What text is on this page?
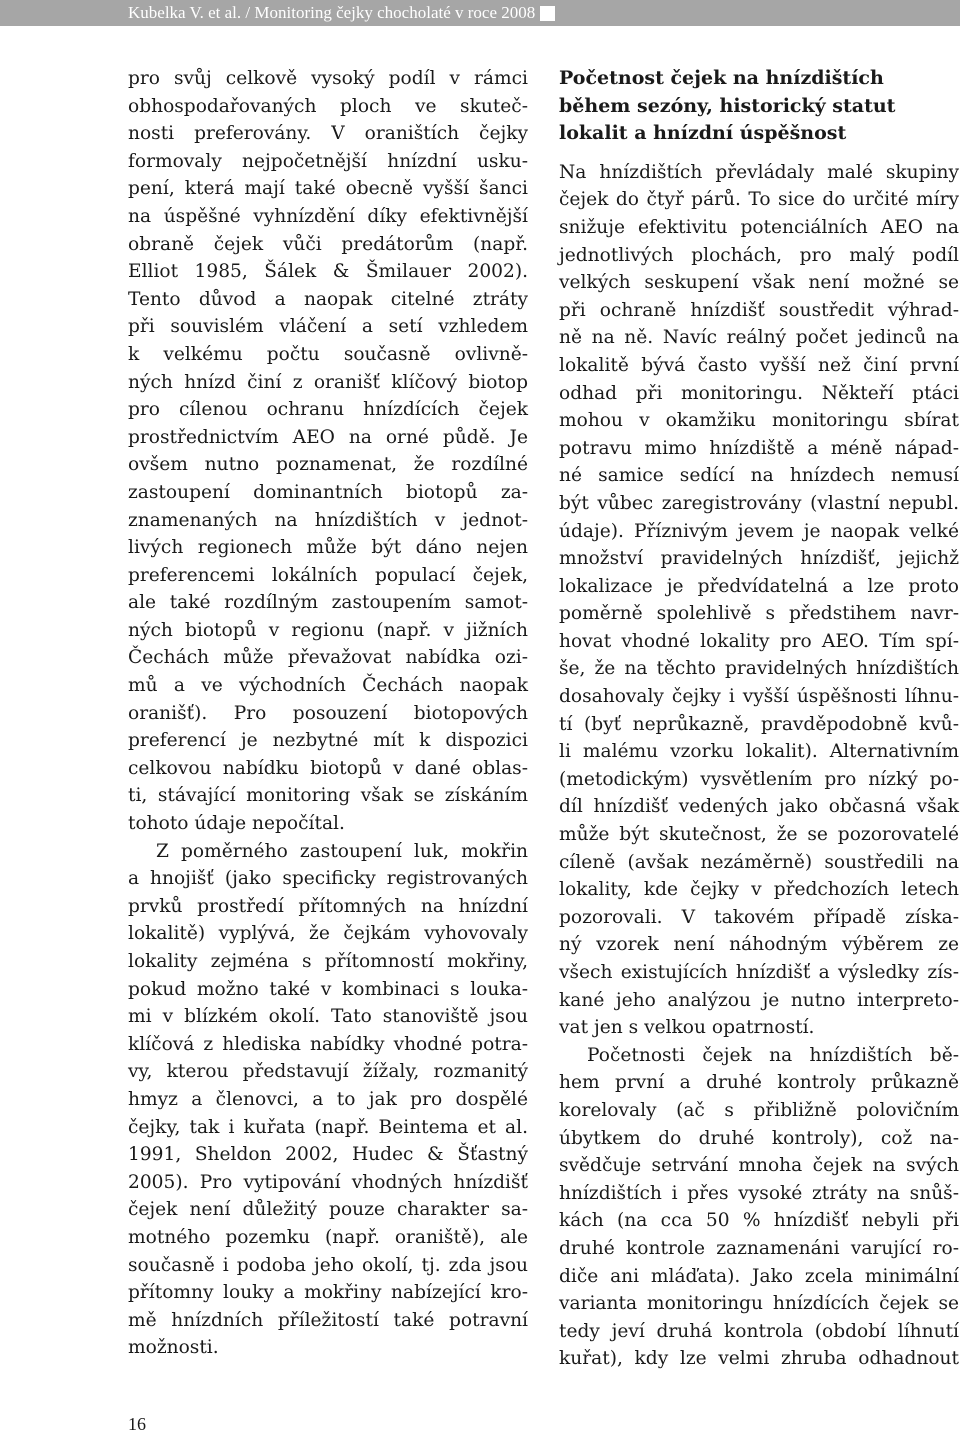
Kubelka V. et al. / Monitoring čejky chocholaté v roce 2008
pro svůj celkově vysoký podíl v rámci
obhospodařovaných ploch ve skuteč-
nosti preferovány. V oraništích čejky
formovaly nejpočetnější hnízdní usku-
pení, která mají také obecně vyšší šanci
na úspěšné vyhnízdění díky efektivnější
obraně čejek vůči predátorům (např.
Elliot 1985, Šálek & Šmilauer 2002).
Tento důvod a naopak citelné ztráty
při souvislém vláčení a setí vzhledem
k velkému počtu současně ovlivně-
ných hnízd činí z oranišť klíčový biotop
pro cílenou ochranu hnízdících čejek
prostřednictvím AEO na orné půdě. Je
ovšem nutno poznamenat, že rozdílné
zastoupení dominantních biotopů za-
znamenaných na hnízdištích v jednot-
livých regionech může být dáno nejen
preferencemi lokálních populací čejek,
ale také rozdílným zastoupením samot-
ných biotopů v regionu (např. v jižních
Čechách může převažovat nabídka ozi-
mů a ve východních Čechách naopak
oranišť). Pro posouzení biotopových
preferencí je nezbytné mít k dispozici
celkovou nabídku biotopů v dané oblas-
ti, stávající monitoring však se získáním
tohoto údaje nepočítal.
Z poměrného zastoupení luk, mokřin
a hnojišť (jako specificky registrovaných
prvků prostředí přítomných na hnízdní
lokalitě) vyplývá, že čejkám vyhovovaly
lokality zejména s přítomností mokřiny,
pokud možno také v kombinaci s louka-
mi v blízkém okolí. Tato stanoviště jsou
klíčová z hlediska nabídky vhodné potra-
vy, kterou představují žížaly, rozmanitý
hmyz a členovci, a to jak pro dospělé
čejky, tak i kuřata (např. Beintema et al.
1991, Sheldon 2002, Hudec & Šťastný
2005). Pro vytipování vhodných hnízdišť
čejek není důležitý pouze charakter sa-
motného pozemku (např. oraniště), ale
současně i podoba jeho okolí, tj. zda jsou
přítomny louky a mokřiny nabízející kro-
mě hnízdních příležitostí také potravní
možnosti.
Početnost čejek na hnízdištích
během sezóny, historický statut
lokalit a hnízdní úspěšnost
Na hnízdištích převládaly malé skupiny
čejek do čtyř párů. To sice do určité míry
snižuje efektivitu potenciálních AEO na
jednotlivých plochách, pro malý podíl
velkých seskupení však není možné se
při ochraně hnízdišť soustředit výhrad-
ně na ně. Navíc reálný počet jedinců na
lokalitě bývá často vyšší než činí první
odhad při monitoringu. Někteří ptáci
mohou v okamžiku monitoringu sbírat
potravu mimo hnízdiště a méně nápad-
né samice sedící na hnízdech nemusí
být vůbec zaregistrovány (vlastní nepubl.
údaje). Příznivým jevem je naopak velké
množství pravidelných hnízdišť, jejichž
lokalizace je předvídatelná a lze proto
poměrně spolehlivě s předstihem navr-
hovat vhodné lokality pro AEO. Tím spí-
še, že na těchto pravidelných hnízdištích
dosahovaly čejky i vyšší úspěšnosti líhnu-
tí (byť neprůkazně, pravděpodobně kvů-
li malému vzorku lokalit). Alternativním
(metodickým) vysvětlením pro nízký po-
díl hnízdišť vedených jako občasná však
může být skutečnost, že se pozorovatelé
cíleně (avšak nezáměrně) soustředili na
lokality, kde čejky v předchozích letech
pozorovali. V takovém případě získa-
ný vzorek není náhodným výběrem ze
všech existujících hnízdišť a výsledky zís-
kané jeho analýzou je nutno interpreto-
vat jen s velkou opatrností.
Početnosti čejek na hnízdištích bě-
hem první a druhé kontroly průkazně
korelovaly (ač s přibližně polovičním
úbytkem do druhé kontroly), což na-
svědčuje setrvání mnoha čejek na svých
hnízdištích i přes vysoké ztráty na snůš-
kách (na cca 50 % hnízdišť nebyli při
druhé kontrole zaznamenáni varující ro-
diče ani mláďata). Jako zcela minimální
varianta monitoringu hnízdících čejek se
tedy jeví druhá kontrola (období líhnutí
kuřat), kdy lze velmi zhruba odhadnout
16
